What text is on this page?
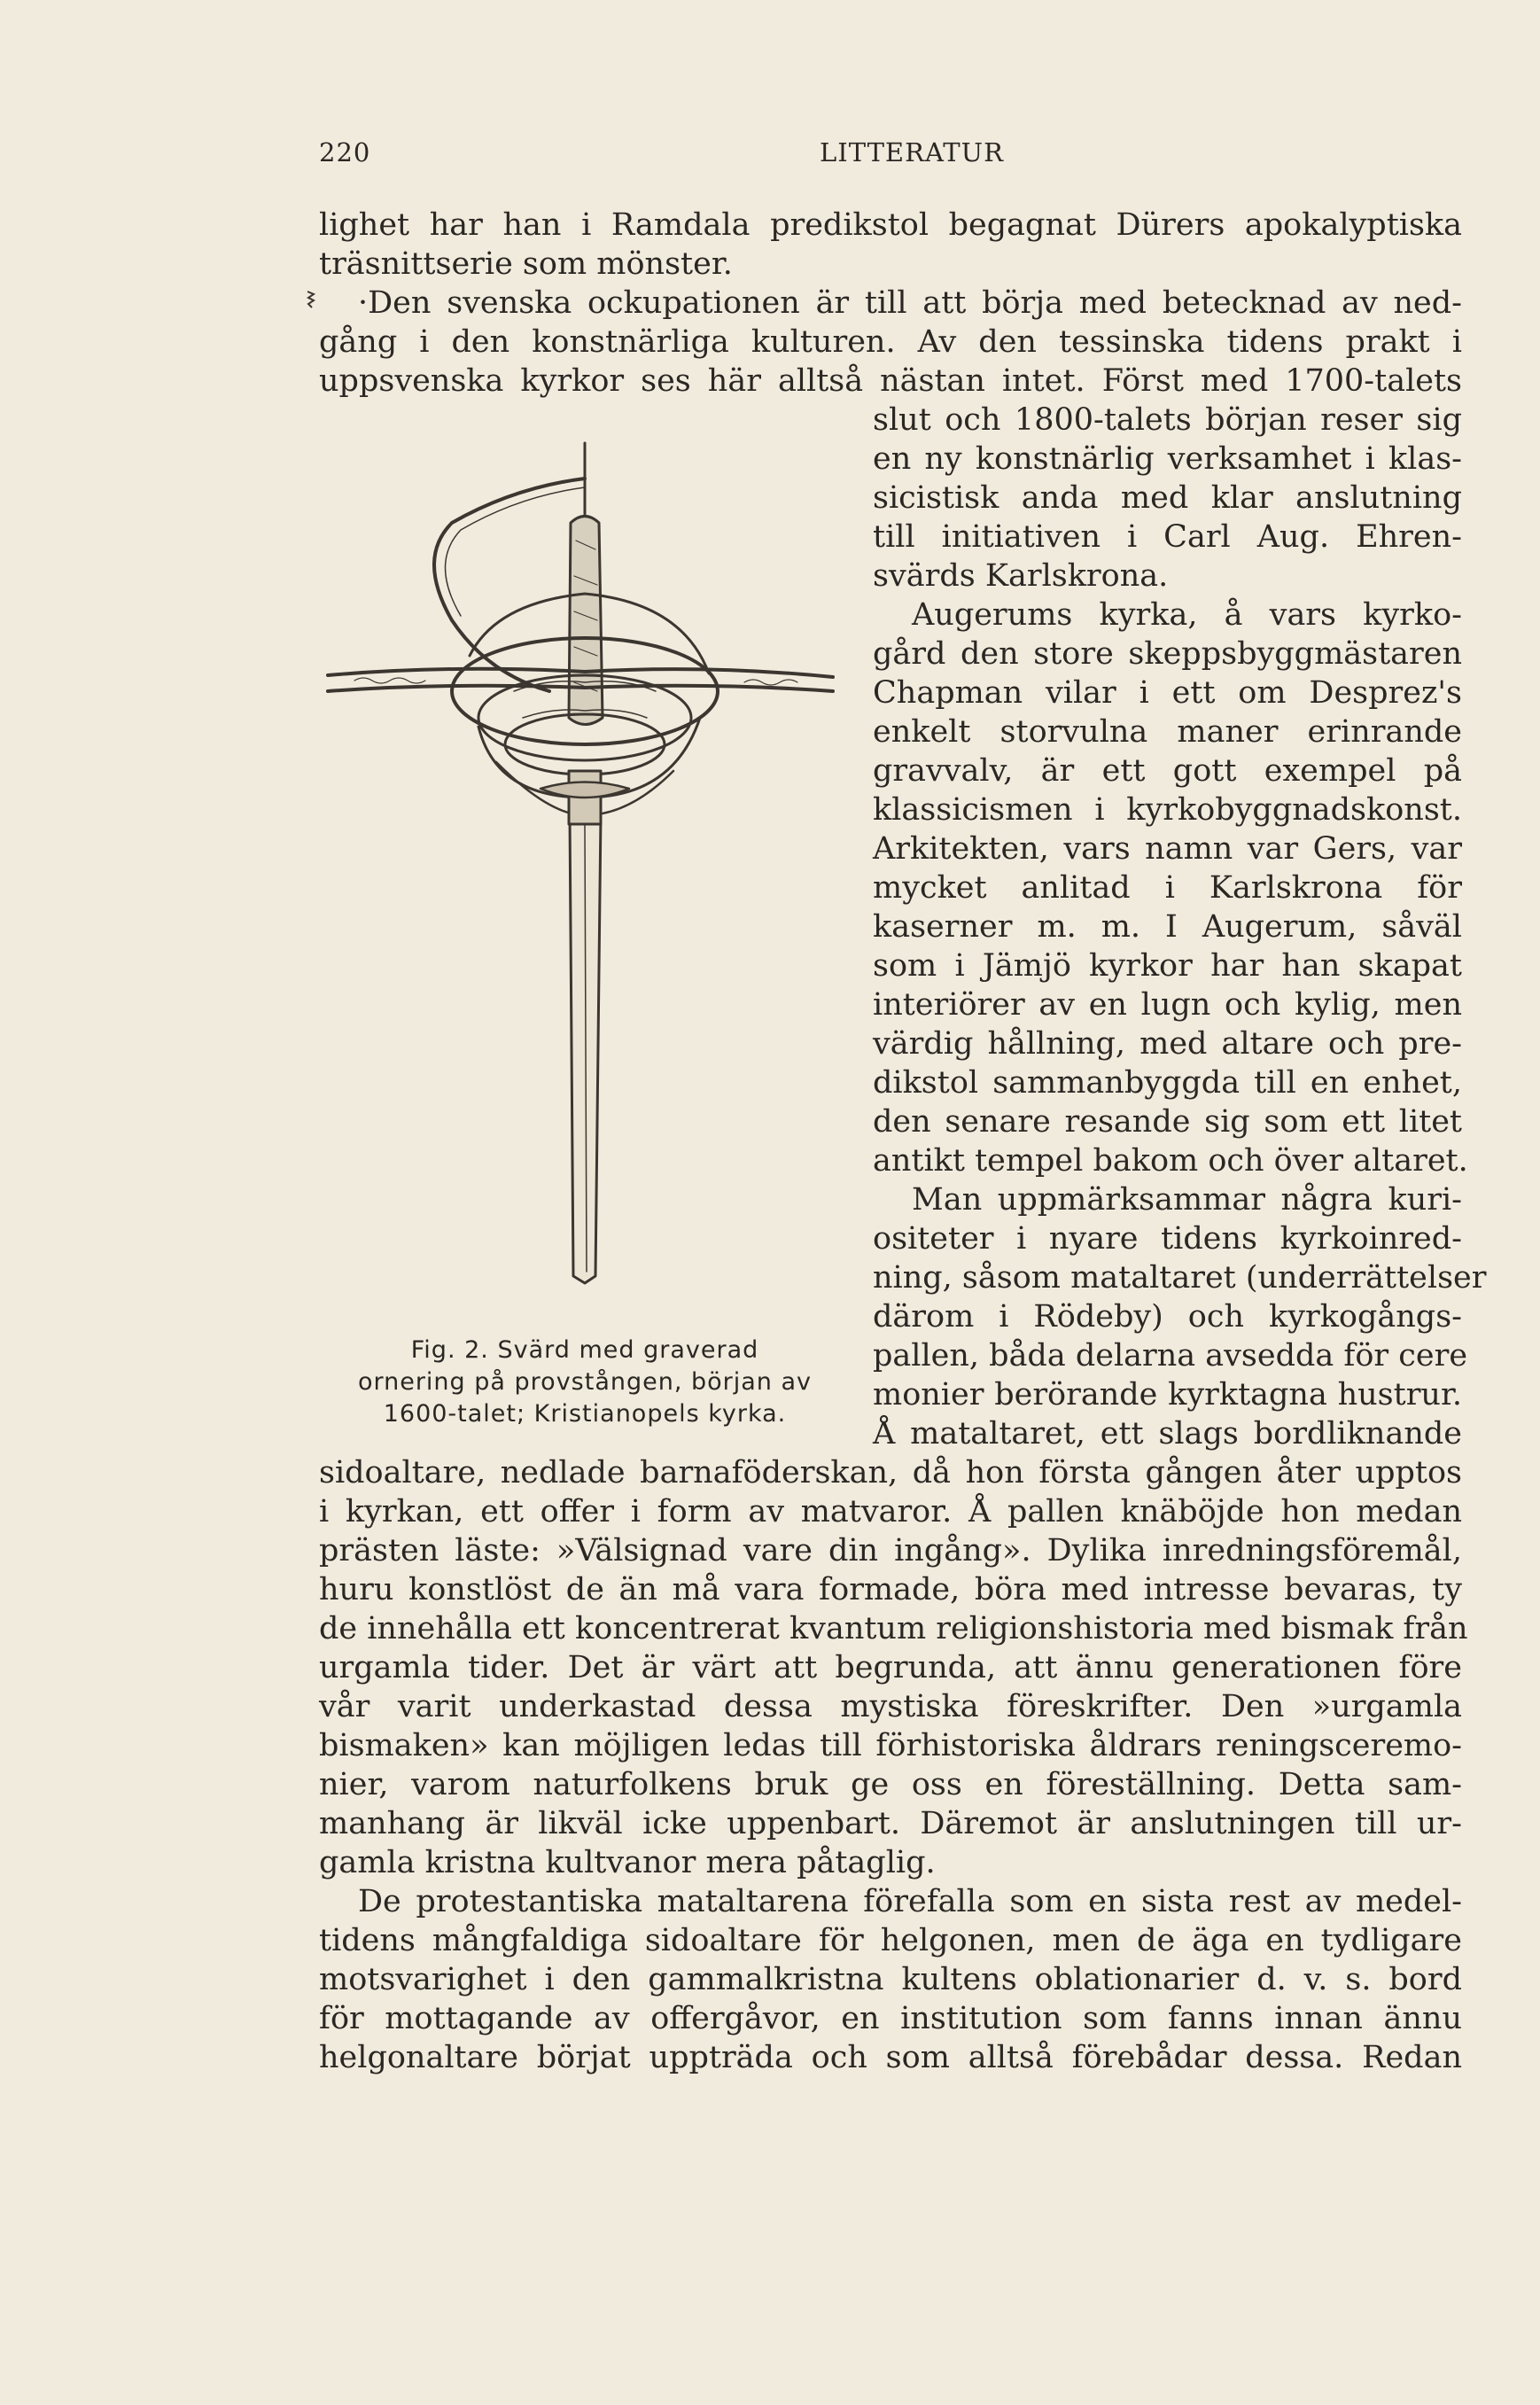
220	LITTERATUR
lighet har han i Ramdala predikstol begagnat Dürers apokalyptiska
träsnittserie som mönster.
·Den svenska ockupationen är till att börja med betecknad av ned-
gång i den konstnärliga kulturen. Av den tessinska tidens prakt i
uppsvenska kyrkor ses här alltså nästan intet. Först med 1700-talets
slut och 1800-talets början reser sig
en ny konstnärlig verksamhet i klas-
sicistisk anda med klar anslutning
till initiativen i Carl Aug. Ehren-
svärds Karlskrona.
Augerums kyrka, å vars kyrko-
gård den store skeppsbyggmästaren
Chapman vilar i ett om Desprez's
enkelt storvulna maner erinrande
gravvalv, är ett gott exempel på
klassicismen i kyrkobyggnadskonst.
Arkitekten, vars namn var Gers, var
mycket anlitad i Karlskrona för
kaserner m. m. I Augerum, såväl
som i Jämjö kyrkor har han skapat
interiörer av en lugn och kylig, men
värdig hållning, med altare och pre-
dikstol sammanbyggda till en enhet,
den senare resande sig som ett litet
antikt tempel bakom och över altaret.
Man uppmärksammar några kuri-
ositeter i nyare tidens kyrkoinred-
ning, såsom mataltaret (underrättelser
därom i Rödeby) och kyrkogångs-
pallen, båda delarna avsedda för cere
monier berörande kyrktagna hustrur.
Å mataltaret, ett slags bordliknande
sidoaltare, nedlade barnaföderskan, då hon första gången åter upptos
i kyrkan, ett offer i form av matvaror. Å pallen knäböjde hon medan
prästen läste: »Välsignad vare din ingång». Dylika inredningsföremål,
huru konstlöst de än må vara formade, böra med intresse bevaras, ty
de innehålla ett koncentrerat kvantum religionshistoria med bismak från
urgamla tider. Det är värt att begrunda, att ännu generationen före
vår varit underkastad dessa mystiska föreskrifter. Den »urgamla
bismaken» kan möjligen ledas till förhistoriska åldrars reningsceremo-
nier, varom naturfolkens bruk ge oss en föreställning. Detta sam-
manhang är likväl icke uppenbart. Däremot är anslutningen till ur-
gamla kristna kultvanor mera påtaglig.
De protestantiska mataltarena förefalla som en sista rest av medel-
tidens mångfaldiga sidoaltare för helgonen, men de äga en tydligare
motsvarighet i den gammalkristna kultens oblationarier d. v. s. bord
för mottagande av offergåvor, en institution som fanns innan ännu
helgonaltare börjat uppträda och som alltså förebådar dessa. Redan
Fig. 2. Svärd med graverad
ornering på provstången, början av
1600-talet; Kristianopels kyrka.
